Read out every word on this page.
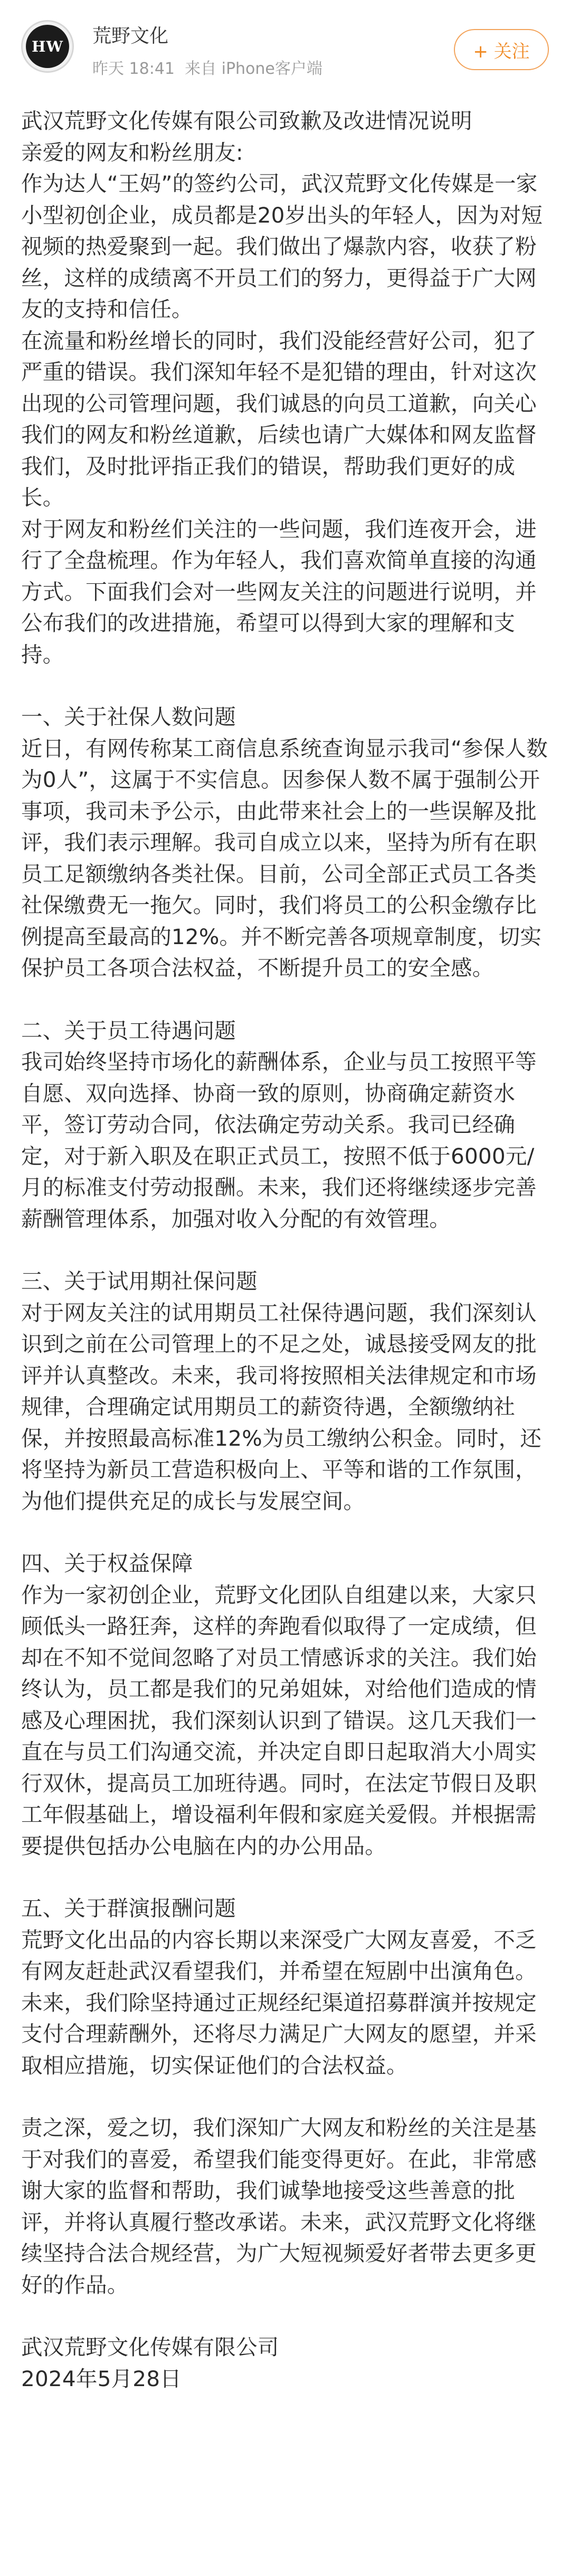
HW	荒野文化
昨天 18:41 来自 iPhone客户端
+ 关注

武汉荒野文化传媒有限公司致歉及改进情况说明

亲爱的网友和粉丝朋友:

作为达人“王妈”的签约公司，武汉荒野文化传媒是一家小型初创企业，成员都是20岁出头的年轻人，因为对短视频的热爱聚到一起。我们做出了爆款内容，收获了粉丝，这样的成绩离不开员工们的努力，更得益于广大网友的支持和信任。

在流量和粉丝增长的同时，我们没能经营好公司，犯了严重的错误。我们深知年轻不是犯错的理由，针对这次出现的公司管理问题，我们诚恳的向员工道歉，向关心我们的网友和粉丝道歉，后续也请广大媒体和网友监督我们，及时批评指正我们的错误，帮助我们更好的成长。

对于网友和粉丝们关注的一些问题，我们连夜开会，进行了全盘梳理。作为年轻人，我们喜欢简单直接的沟通方式。下面我们会对一些网友关注的问题进行说明，并公布我们的改进措施，希望可以得到大家的理解和支持。

一、关于社保人数问题

近日，有网传称某工商信息系统查询显示我司“参保人数为0人”，这属于不实信息。因参保人数不属于强制公开事项，我司未予公示，由此带来社会上的一些误解及批评，我们表示理解。我司自成立以来，坚持为所有在职员工足额缴纳各类社保。目前，公司全部正式员工各类社保缴费无一拖欠。同时，我们将员工的公积金缴存比例提高至最高的12%。并不断完善各项规章制度，切实保护员工各项合法权益，不断提升员工的安全感。

二、关于员工待遇问题

我司始终坚持市场化的薪酬体系，企业与员工按照平等自愿、双向选择、协商一致的原则，协商确定薪资水平，签订劳动合同，依法确定劳动关系。我司已经确定，对于新入职及在职正式员工，按照不低于6000元/月的标准支付劳动报酬。未来，我们还将继续逐步完善薪酬管理体系，加强对收入分配的有效管理。

三、关于试用期社保问题

对于网友关注的试用期员工社保待遇问题，我们深刻认识到之前在公司管理上的不足之处，诚恳接受网友的批评并认真整改。未来，我司将按照相关法律规定和市场规律，合理确定试用期员工的薪资待遇，全额缴纳社保，并按照最高标准12%为员工缴纳公积金。同时，还将坚持为新员工营造积极向上、平等和谐的工作氛围，为他们提供充足的成长与发展空间。

四、关于权益保障

作为一家初创企业，荒野文化团队自组建以来，大家只顾低头一路狂奔，这样的奔跑看似取得了一定成绩，但却在不知不觉间忽略了对员工情感诉求的关注。我们始终认为，员工都是我们的兄弟姐妹，对给他们造成的情感及心理困扰，我们深刻认识到了错误。这几天我们一直在与员工们沟通交流，并决定自即日起取消大小周实行双休，提高员工加班待遇。同时，在法定节假日及职工年假基础上，增设福利年假和家庭关爱假。并根据需要提供包括办公电脑在内的办公用品。

五、关于群演报酬问题

荒野文化出品的内容长期以来深受广大网友喜爱，不乏有网友赶赴武汉看望我们，并希望在短剧中出演角色。未来，我们除坚持通过正规经纪渠道招募群演并按规定支付合理薪酬外，还将尽力满足广大网友的愿望，并采取相应措施，切实保证他们的合法权益。

责之深，爱之切，我们深知广大网友和粉丝的关注是基于对我们的喜爱，希望我们能变得更好。在此，非常感谢大家的监督和帮助，我们诚挚地接受这些善意的批评，并将认真履行整改承诺。未来，武汉荒野文化将继续坚持合法合规经营，为广大短视频爱好者带去更多更好的作品。

武汉荒野文化传媒有限公司

2024年5月28日
